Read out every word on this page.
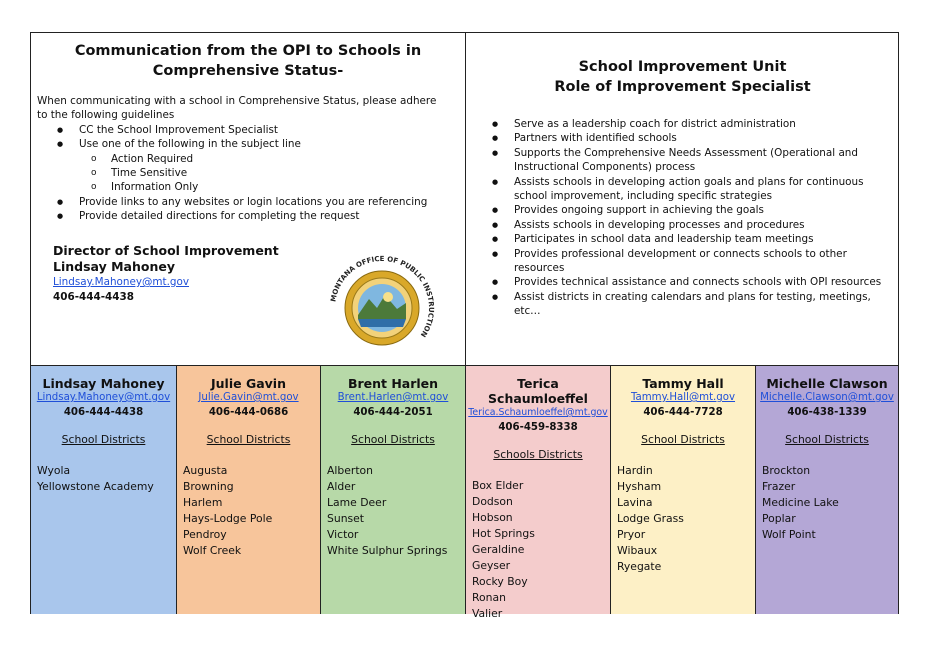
Communication from the OPI to Schools in
Comprehensive Status-
When communicating with a school in Comprehensive Status, please adhere to the following guidelines
● CC the School Improvement Specialist
● Use one of the following in the subject line
o Action Required
o Time Sensitive
o Information Only
● Provide links to any websites or login locations you are referencing
● Provide detailed directions for completing the request
Director of School Improvement
Lindsay Mahoney
Lindsay.Mahoney@mt.gov
406-444-4438	MONTANA OFFICE OF PUBLIC INSTRUCTION
School Improvement Unit
Role of Improvement Specialist
● Serve as a leadership coach for district administration
● Partners with identified schools
● Supports the Comprehensive Needs Assessment (Operational and Instructional Components) process
● Assists schools in developing action goals and plans for continuous school improvement, including specific strategies
● Provides ongoing support in achieving the goals
● Assists schools in developing processes and procedures
● Participates in school data and leadership team meetings
● Provides professional development or connects schools to other resources
● Provides technical assistance and connects schools with OPI resources
● Assist districts in creating calendars and plans for testing, meetings, etc…
Lindsay Mahoney
Lindsay.Mahoney@mt.gov
406-444-4438
School Districts
Wyola
Yellowstone Academy
Julie Gavin
Julie.Gavin@mt.gov
406-444-0686
School Districts
Augusta
Browning
Harlem
Hays-Lodge Pole
Pendroy
Wolf Creek
Brent Harlen
Brent.Harlen@mt.gov
406-444-2051
School Districts
Alberton
Alder
Lame Deer
Sunset
Victor
White Sulphur Springs
Terica Schaumloeffel
Terica.Schaumloeffel@mt.gov
406-459-8338
Schools Districts
Box Elder
Dodson
Hobson
Hot Springs
Geraldine
Geyser
Rocky Boy
Ronan
Valier
Tammy Hall
Tammy.Hall@mt.gov
406-444-7728
School Districts
Hardin
Hysham
Lavina
Lodge Grass
Pryor
Wibaux
Ryegate
Michelle Clawson
Michelle.Clawson@mt.gov
406-438-1339
School Districts
Brockton
Frazer
Medicine Lake
Poplar
Wolf Point
